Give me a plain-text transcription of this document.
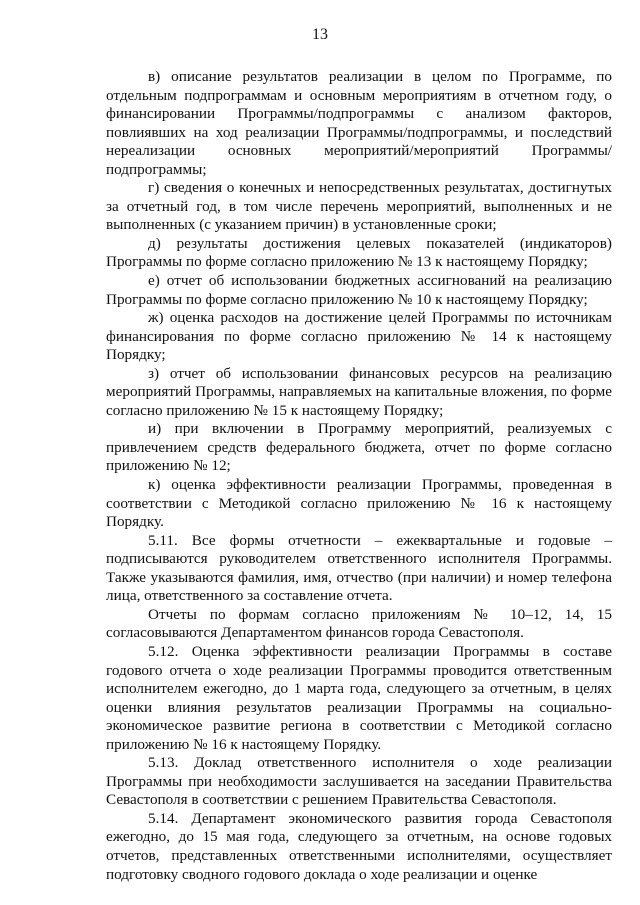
13

в) описание результатов реализации в целом по Программе, по отдельным подпрограммам и основным мероприятиям в отчетном году, о финансировании Программы/подпрограммы с анализом факторов, повлиявших на ход реализации Программы/подпрограммы, и последствий нереализации основных мероприятий/мероприятий Программы/ подпрограммы;

г) сведения о конечных и непосредственных результатах, достигнутых за отчетный год, в том числе перечень мероприятий, выполненных и не выполненных (с указанием причин) в установленные сроки;

д) результаты достижения целевых показателей (индикаторов) Программы по форме согласно приложению № 13 к настоящему Порядку;

е) отчет об использовании бюджетных ассигнований на реализацию Программы по форме согласно приложению № 10 к настоящему Порядку;

ж) оценка расходов на достижение целей Программы по источникам финансирования по форме согласно приложению № 14 к настоящему Порядку;

з) отчет об использовании финансовых ресурсов на реализацию мероприятий Программы, направляемых на капитальные вложения, по форме согласно приложению № 15 к настоящему Порядку;

и) при включении в Программу мероприятий, реализуемых с привлечением средств федерального бюджета, отчет по форме согласно приложению № 12;

к) оценка эффективности реализации Программы, проведенная в соответствии с Методикой согласно приложению № 16 к настоящему Порядку.

5.11. Все формы отчетности – ежеквартальные и годовые – подписываются руководителем ответственного исполнителя Программы. Также указываются фамилия, имя, отчество (при наличии) и номер телефона лица, ответственного за составление отчета.

Отчеты по формам согласно приложениям № 10–12, 14, 15 согласовываются Департаментом финансов города Севастополя.

5.12. Оценка эффективности реализации Программы в составе годового отчета о ходе реализации Программы проводится ответственным исполнителем ежегодно, до 1 марта года, следующего за отчетным, в целях оценки влияния результатов реализации Программы на социально-экономическое развитие региона в соответствии с Методикой согласно приложению № 16 к настоящему Порядку.

5.13. Доклад ответственного исполнителя о ходе реализации Программы при необходимости заслушивается на заседании Правительства Севастополя в соответствии с решением Правительства Севастополя.

5.14. Департамент экономического развития города Севастополя ежегодно, до 15 мая года, следующего за отчетным, на основе годовых отчетов, представленных ответственными исполнителями, осуществляет подготовку сводного годового доклада о ходе реализации и оценке
